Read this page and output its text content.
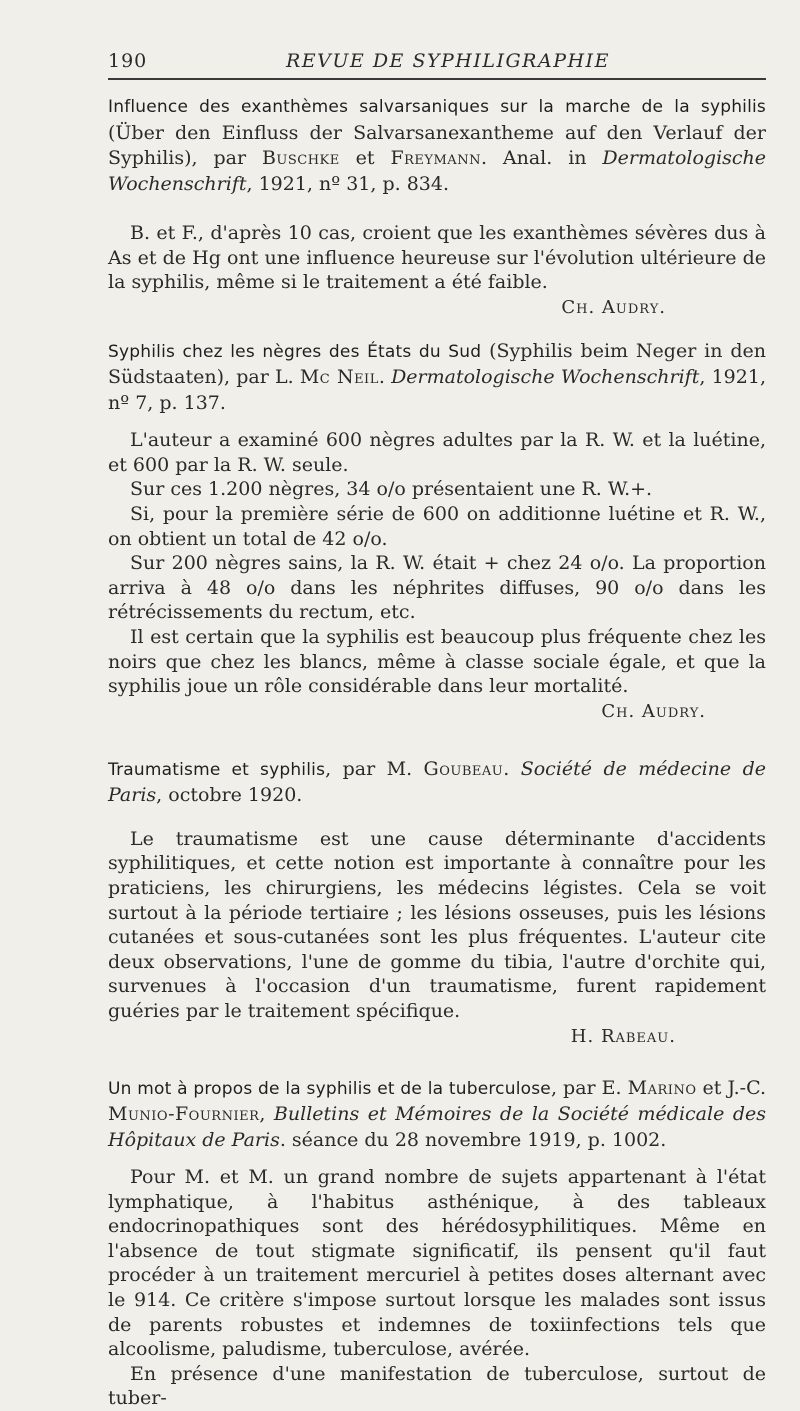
190	REVUE DE SYPHILIGRAPHIE

Influence des exanthèmes salvarsaniques sur la marche de la syphilis (Über den Einfluss der Salvarsanexantheme auf den Verlauf der Syphilis), par Buschke et Freymann. Anal. in Dermatologische Wochenschrift, 1921, nº 31, p. 834.

B. et F., d'après 10 cas, croient que les exanthèmes sévères dus à As et de Hg ont une influence heureuse sur l'évolution ultérieure de la syphilis, même si le traitement a été faible.

Ch. Audry.

Syphilis chez les nègres des États du Sud (Syphilis beim Neger in den Südstaaten), par L. Mc Neil. Dermatologische Wochenschrift, 1921, nº 7, p. 137.

L'auteur a examiné 600 nègres adultes par la R. W. et la luétine, et 600 par la R. W. seule.

Sur ces 1.200 nègres, 34 o/o présentaient une R. W.+.

Si, pour la première série de 600 on additionne luétine et R. W., on obtient un total de 42 o/o.

Sur 200 nègres sains, la R. W. était + chez 24 o/o. La proportion arriva à 48 o/o dans les néphrites diffuses, 90 o/o dans les rétrécissements du rectum, etc.

Il est certain que la syphilis est beaucoup plus fréquente chez les noirs que chez les blancs, même à classe sociale égale, et que la syphilis joue un rôle considérable dans leur mortalité.

Ch. Audry.

Traumatisme et syphilis, par M. Goubeau. Société de médecine de Paris, octobre 1920.

Le traumatisme est une cause déterminante d'accidents syphilitiques, et cette notion est importante à connaître pour les praticiens, les chirurgiens, les médecins légistes. Cela se voit surtout à la période tertiaire ; les lésions osseuses, puis les lésions cutanées et sous-cutanées sont les plus fréquentes. L'auteur cite deux observations, l'une de gomme du tibia, l'autre d'orchite qui, survenues à l'occasion d'un traumatisme, furent rapidement guéries par le traitement spécifique.

H. Rabeau.

Un mot à propos de la syphilis et de la tuberculose, par E. Marino et J.-C. Munio-Fournier, Bulletins et Mémoires de la Société médicale des Hôpitaux de Paris. séance du 28 novembre 1919, p. 1002.

Pour M. et M. un grand nombre de sujets appartenant à l'état lymphatique, à l'habitus asthénique, à des tableaux endocrinopathiques sont des hérédosyphilitiques. Même en l'absence de tout stigmate significatif, ils pensent qu'il faut procéder à un traitement mercuriel à petites doses alternant avec le 914. Ce critère s'impose surtout lorsque les malades sont issus de parents robustes et indemnes de toxiinfections tels que alcoolisme, paludisme, tuberculose, avérée.

En présence d'une manifestation de tuberculose, surtout de tuber-
